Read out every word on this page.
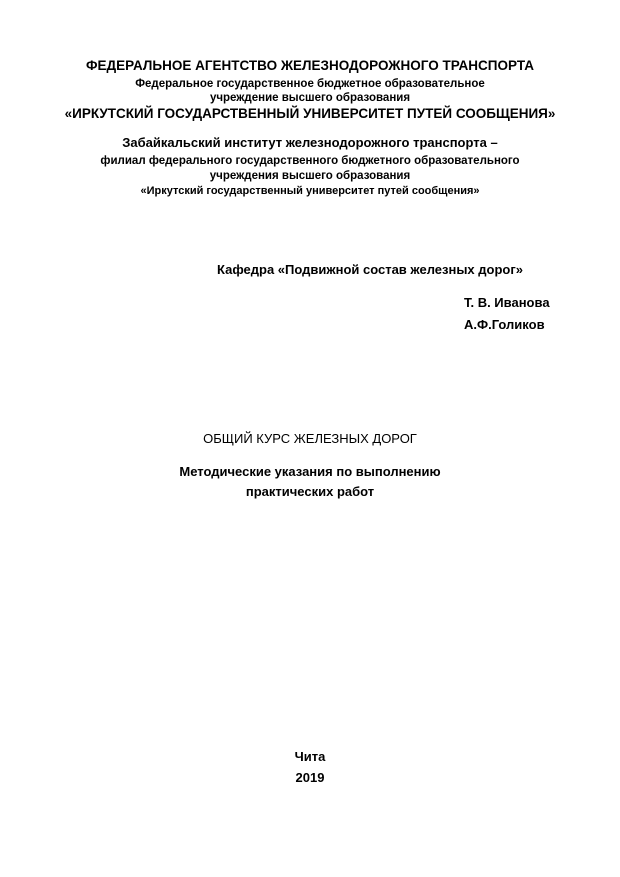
ФЕДЕРАЛЬНОЕ АГЕНТСТВО ЖЕЛЕЗНОДОРОЖНОГО ТРАНСПОРТА
Федеральное государственное бюджетное образовательное
учреждение высшего образования
«ИРКУТСКИЙ ГОСУДАРСТВЕННЫЙ УНИВЕРСИТЕТ ПУТЕЙ СООБЩЕНИЯ»
Забайкальский институт железнодорожного транспорта –
филиал федерального государственного бюджетного образовательного
учреждения высшего образования
«Иркутский государственный университет путей сообщения»
Кафедра «Подвижной состав железных дорог»
Т. В. Иванова
А.Ф.Голиков
ОБЩИЙ КУРС ЖЕЛЕЗНЫХ ДОРОГ
Методические указания по выполнению
практических работ
Чита
2019
